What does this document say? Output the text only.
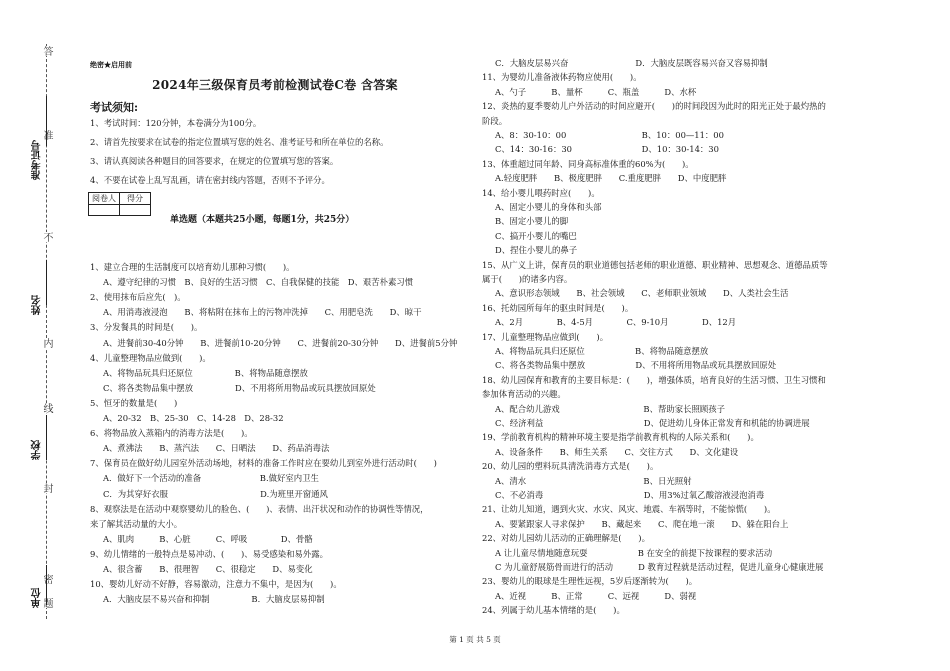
答
准
不
内
线
封
密
题
准考证号
姓名
学校
单位
绝密★启用前
2024年三级保育员考前检测试卷C卷 含答案
考试须知:
1、考试时间：120分钟，本卷满分为100分。
2、请首先按要求在试卷的指定位置填写您的姓名、准考证号和所在单位的名称。
3、请认真阅读各种题目的回答要求，在规定的位置填写您的答案。
4、不要在试卷上乱写乱画，请在密封线内答题，否则不予评分。
阅卷人	得分

单选题（本题共25小题，每题1分，共25分）
1、建立合理的生活制度可以培育幼儿那种习惯(　　)。
A、遵守纪律的习惯　B、良好的生活习惯　C、自我保健的技能　D、艰苦朴素习惯
2、使用抹布后应先(　)。
A、用消毒液浸泡　　B、将粘附在抹布上的污物冲洗掉　　C、用肥皂洗　　D、晾干
3、分发餐具的时间是(　　)。
A、进餐前30-40分钟　　B、进餐前10-20分钟　　C、进餐前20-30分钟　　D、进餐前5分钟
4、儿童整理物品应做到(　　)。
A、将物品玩具归还原位　　　　　B、将物品随意摆放
C、将各类物品集中摆放　　　　　D、不用将所用物品或玩具摆放回原处
5、恒牙的数量是(　　)
A、20-32　B、25-30　C、14-28　D、28-32
6、将物品放入蒸箱内的消毒方法是(　　)。
A、煮沸法　　B、蒸汽法　　C、日晒法　　D、药品消毒法
7、保育员在做好幼儿园室外活动场地，材料的准备工作时应在要幼儿到室外进行活动时(　　)
A．做好下一个活动的准备　　　　　　　B.做好室内卫生
C．为其穿好衣服　　　　　　　　　　　D.为班里开窗通风
8、观察法是在活动中观察婴幼儿的脸色、(　　)、表情、出汗状况和动作的协调性等情况，
来了解其活动量的大小。
A、肌肉　　　B、心脏　　　C、呼吸　　　　D、骨骼
9、幼儿情绪的一般特点是易冲动、(　　)、易受感染和易外露。
A、很含蓄　　B、很理智　　C、很稳定　　D、易变化
10、婴幼儿好动不好静，容易激动，注意力不集中，是因为(　　)。
A．大脑皮层不易兴奋和抑制　　　　　B．大脑皮层易抑制
C．大脑皮层易兴奋　　　　　　　　D．大脑皮层既容易兴奋又容易抑制
11、为婴幼儿准备液体药物应使用(　　)。
A、勺子　　　B、量杯　　　C、瓶盖　　　D、水杯
12、炎热的夏季婴幼儿户外活动的时间应避开(　　)的时间段因为此时的阳光正处于最灼热的
阶段。
A、8：30-10：00　　　　　　　　　B、10：00—11：00
C、14：30-16：30　　　　　　　　 D、10：30-14：30
13、体重超过同年龄、同身高标准体重的60%为(　　)。
A.轻度肥胖　　B、极度肥胖　　C.重度肥胖　　D、中度肥胖
14、给小婴儿喂药时应(　　)。
A、固定小婴儿的身体和头部
B、固定小婴儿的脚
C、搞开小婴儿的嘴巴
D、捏住小婴儿的鼻子
15、从广义上讲，保育员的职业道德包括老师的职业道德、职业精神、思想观念、道德品质等
属于(　　)的诸多内容。
A、意识形态领域　　B、社会领域　　C、老师职业领域　　D、人类社会生活
16、托幼园所每年的驱虫时间是(　　)。
A、2月　　　　B、4-5月　　　　C、9-10月　　　　D、12月
17、儿童整理物品应做到(　　)。
A、将物品玩具归还原位　　　　　　B、将物品随意摆放
C、将各类物品集中摆放　　　　　　D、不用将所用物品或玩具摆放回原处
18、幼儿园保育和教育的主要目标是：(　　)，增强体质，培育良好的生活习惯、卫生习惯和
参加体育活动的兴趣。
A、配合幼儿游戏　　　　　　　　　　B、帮助家长照顾孩子
C、经济利益　　　　　　　　　　　　D、促进幼儿身体正常发育和机能的协调进展
19、学前教育机构的精神环境主要是指学前教育机构的人际关系和(　　)。
A、设备条件　　B、师生关系　　C、交往方式　　D、文化建设
20、幼儿园的塑料玩具清洗消毒方式是(　　)。
A、清水　　　　　　　　　　　　　　B、日光照射
C、不必消毒　　　　　　　　　　　　D、用3%过氧乙酸溶液浸泡消毒
21、让幼儿知道，遇到火灾、水灾、风灾、地震、车祸等时，不能惊慌(　　)。
A、要紧跟家人寻求保护　　B、藏起来　　C、爬在地一滚　　D、躲在阳台上
22、对幼儿园幼儿活动的正确理解是(　　)。
A 让儿童尽情地随意玩耍　　　　　　B 在安全的前提下按课程的要求活动
C 为儿童舒展筋骨而进行的活动　　　D 教育过程就是活动过程，促进儿童身心健康进展
23、婴幼儿的眼球是生理性远视，5岁后逐渐转为(　　)。
A、近视　　　B、正常　　　C、远视　　　D、弱视
24、列属于幼儿基本情绪的是(　　)。
第 1 页 共 5 页
